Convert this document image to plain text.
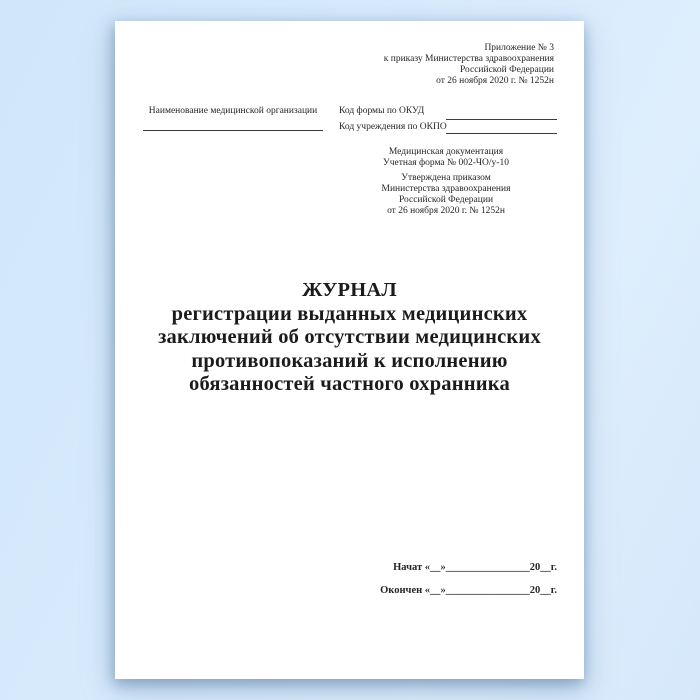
Приложение № 3
к приказу Министерства здравоохранения
Российской Федерации
от 26 ноября 2020 г. № 1252н
Наименование медицинской организации	Код формы по ОКУД
Код учреждения по ОКПО
Медицинская документация
Учетная форма № 002-ЧО/у-10
Утверждена приказом
Министерства здравоохранения
Российской Федерации
от 26 ноября 2020 г. № 1252н
ЖУРНАЛ
регистрации выданных медицинских
заключений об отсутствии медицинских
противопоказаний к исполнению
обязанностей частного охранника
Начат «__»________________20__г.
Окончен «__»________________20__г.
